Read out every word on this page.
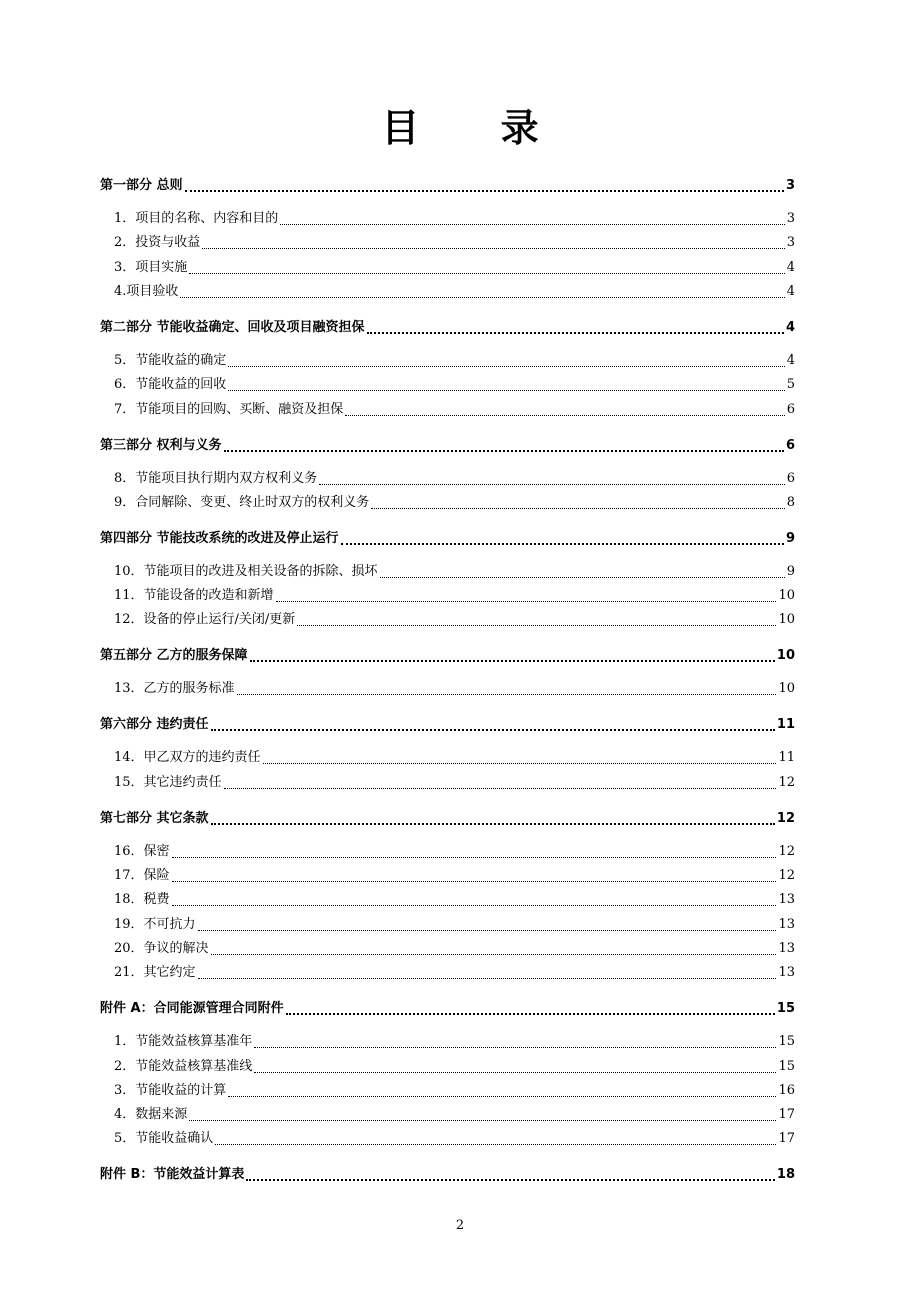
目 录
第一部分 总则	3
1．项目的名称、内容和目的	3
2．投资与收益	3
3．项目实施	4
4.项目验收	4
第二部分 节能收益确定、回收及项目融资担保	4
5．节能收益的确定	4
6．节能收益的回收	5
7．节能项目的回购、买断、融资及担保	6
第三部分 权利与义务	6
8．节能项目执行期内双方权利义务	6
9．合同解除、变更、终止时双方的权利义务	8
第四部分 节能技改系统的改进及停止运行	9
10．节能项目的改进及相关设备的拆除、损坏	9
11．节能设备的改造和新增	10
12．设备的停止运行/关闭/更新	10
第五部分 乙方的服务保障	10
13．乙方的服务标准	10
第六部分 违约责任	11
14．甲乙双方的违约责任	11
15．其它违约责任	12
第七部分 其它条款	12
16．保密	12
17．保险	12
18．税费	13
19．不可抗力	13
20．争议的解决	13
21．其它约定	13
附件 A：合同能源管理合同附件	15
1．节能效益核算基准年	15
2．节能效益核算基准线	15
3．节能收益的计算	16
4．数据来源	17
5．节能收益确认	17
附件 B：节能效益计算表	18
2
